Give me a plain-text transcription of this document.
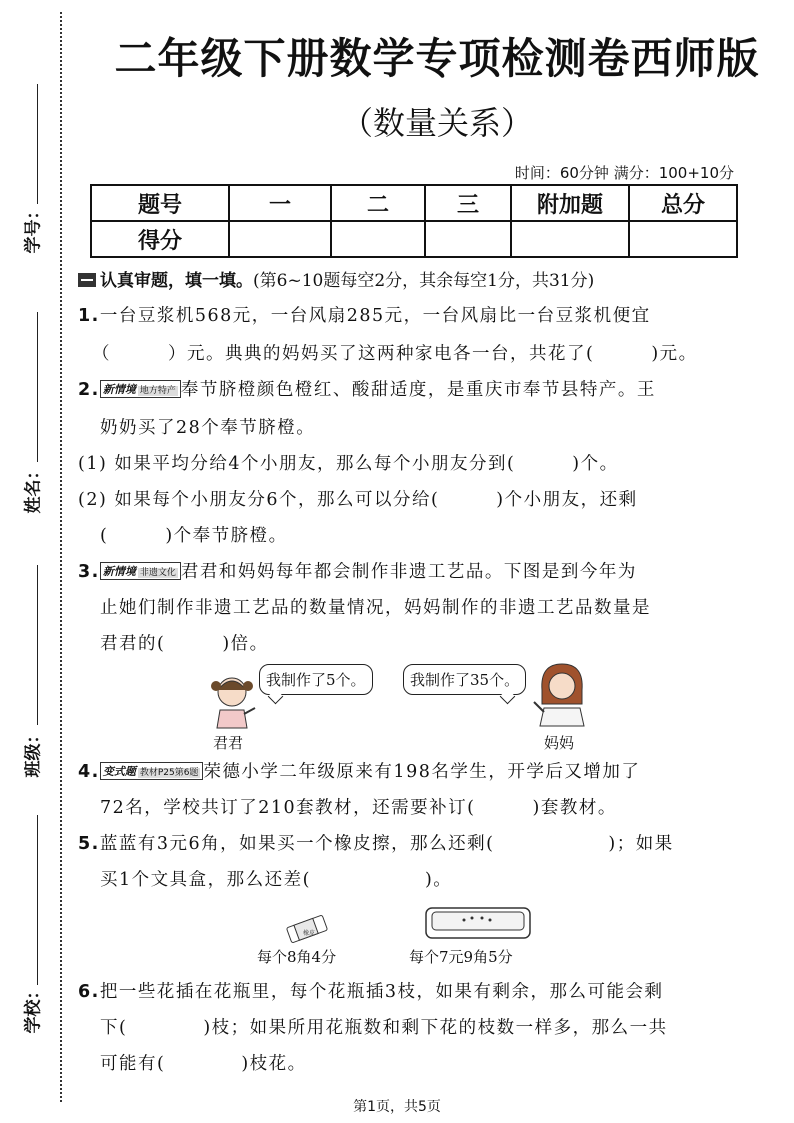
学号：
姓名：
班级：
学校：
二年级下册数学专项检测卷西师版
（数量关系）
时间：60分钟 满分：100+10分
题号	一	二	三	附加题	总分
得分					
认真审题，填一填。(第6~10题每空2分，其余每空1分，共31分)
1.一台豆浆机568元，一台风扇285元，一台风扇比一台豆浆机便宜
（　　　）元。典典的妈妈买了这两种家电各一台，共花了(　　　)元。
2. 新情境 地方特产 奉节脐橙颜色橙红、酸甜适度，是重庆市奉节县特产。王
奶奶买了28个奉节脐橙。
(1) 如果平均分给4个小朋友，那么每个小朋友分到(　　　)个。
(2) 如果每个小朋友分6个，那么可以分给(　　　)个小朋友，还剩
(　　　)个奉节脐橙。
3. 新情境 非遗文化 君君和妈妈每年都会制作非遗工艺品。下图是到今年为
止她们制作非遗工艺品的数量情况，妈妈制作的非遗工艺品数量是
君君的(　　　)倍。
我制作了5个。	我制作了35个。
君君	妈妈
4. 变式题 教材P25第6题 荣德小学二年级原来有198名学生，开学后又增加了
72名，学校共订了210套教材，还需要补订(　　　)套教材。
5.蓝蓝有3元6角，如果买一个橡皮擦，那么还剩(　　　　　　)；如果
买1个文具盒，那么还差(　　　　　　)。
橡皮
每个8角4分	每个7元9角5分
6.把一些花插在花瓶里，每个花瓶插3枝，如果有剩余，那么可能会剩
下(　　　　)枝；如果所用花瓶数和剩下花的枝数一样多，那么一共
可能有(　　　　)枝花。
第1页，共5页
